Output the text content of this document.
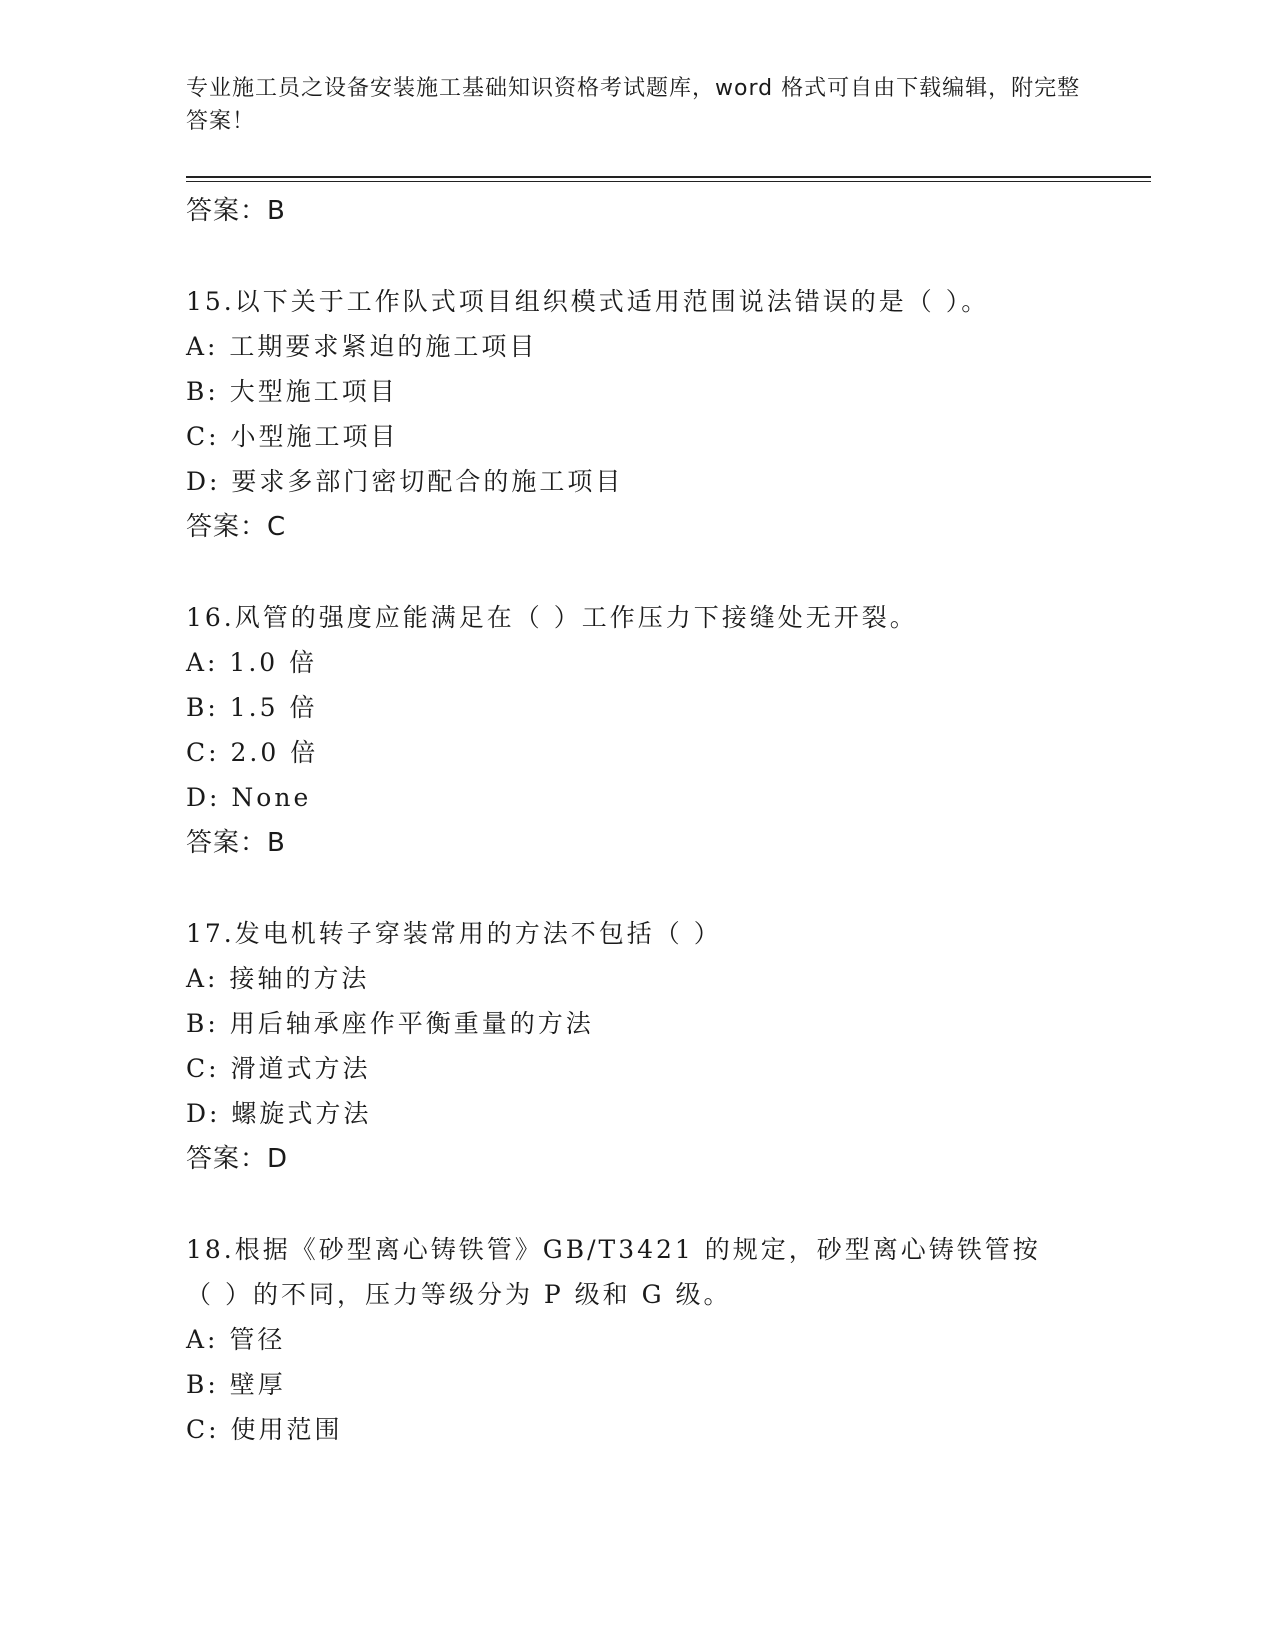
专业施工员之设备安装施工基础知识资格考试题库，word 格式可自由下载编辑，附完整答案！
答案：B
15.以下关于工作队式项目组织模式适用范围说法错误的是（ ）。
A: 工期要求紧迫的施工项目
B: 大型施工项目
C: 小型施工项目
D: 要求多部门密切配合的施工项目
答案：C
16.风管的强度应能满足在（ ）工作压力下接缝处无开裂。
A: 1.0 倍
B: 1.5 倍
C: 2.0 倍
D: None
答案：B
17.发电机转子穿装常用的方法不包括（ ）
A: 接轴的方法
B: 用后轴承座作平衡重量的方法
C: 滑道式方法
D: 螺旋式方法
答案：D
18.根据《砂型离心铸铁管》GB/T3421 的规定，砂型离心铸铁管按（ ）的不同，压力等级分为 P 级和 G 级。
A: 管径
B: 壁厚
C: 使用范围
